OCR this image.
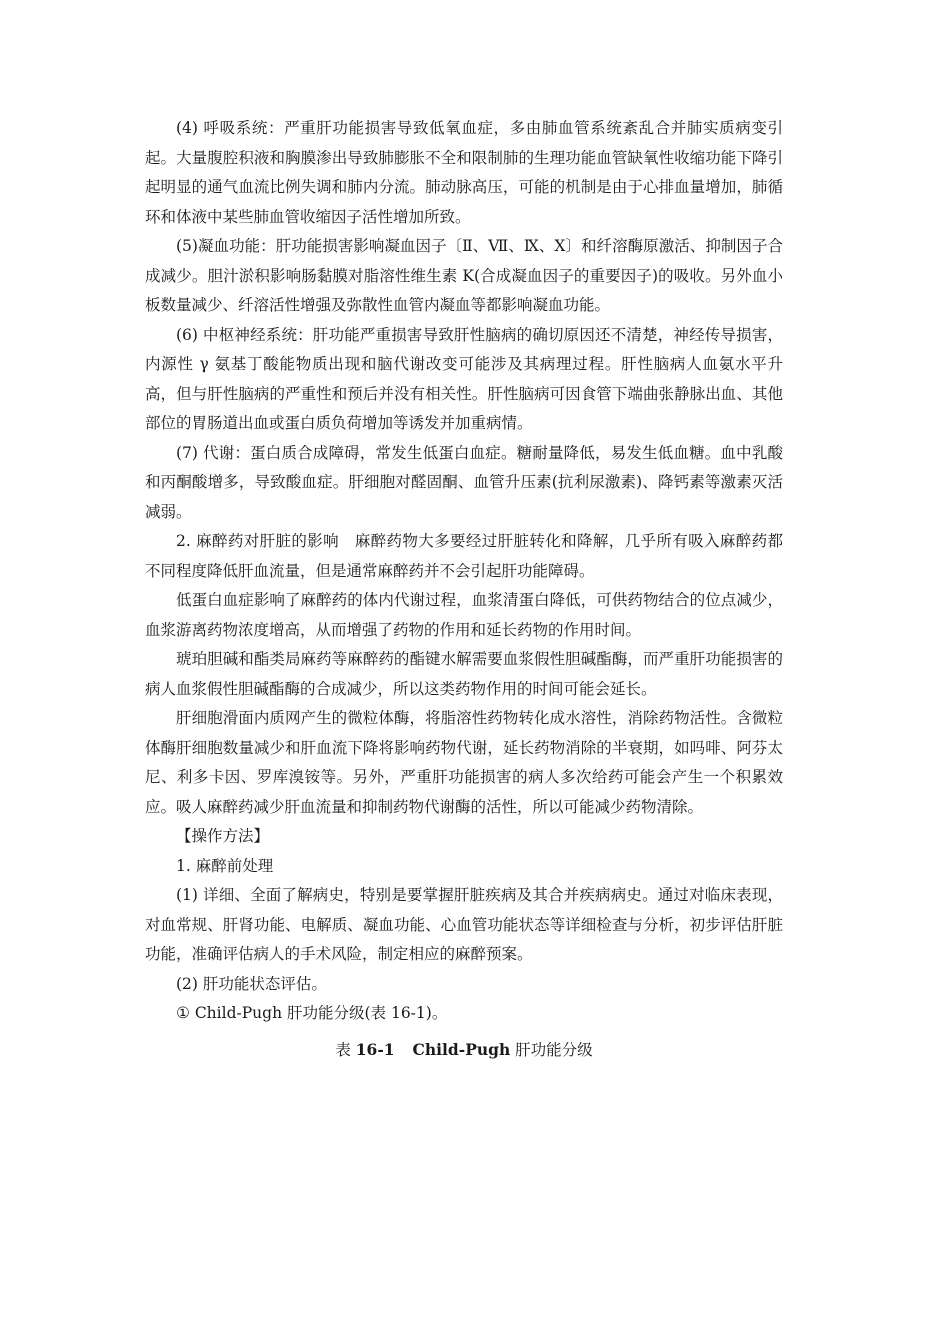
(4) 呼吸系统：严重肝功能损害导致低氧血症，多由肺血管系统紊乱合并肺实质病变引起。大量腹腔积液和胸膜渗出导致肺膨胀不全和限制肺的生理功能血管缺氧性收缩功能下降引起明显的通气血流比例失调和肺内分流。肺动脉高压，可能的机制是由于心排血量增加，肺循环和体液中某些肺血管收缩因子活性增加所致。

(5)凝血功能：肝功能损害影响凝血因子〔Ⅱ、Ⅶ、Ⅸ、Ⅹ〕和纤溶酶原激活、抑制因子合成减少。胆汁淤积影响肠黏膜对脂溶性维生素 K(合成凝血因子的重要因子)的吸收。另外血小板数量减少、纤溶活性增强及弥散性血管内凝血等都影响凝血功能。

(6) 中枢神经系统：肝功能严重损害导致肝性脑病的确切原因还不清楚，神经传导损害，内源性 γ 氨基丁酸能物质出现和脑代谢改变可能涉及其病理过程。肝性脑病人血氨水平升高，但与肝性脑病的严重性和预后并没有相关性。肝性脑病可因食管下端曲张静脉出血、其他部位的胃肠道出血或蛋白质负荷增加等诱发并加重病情。

(7) 代谢：蛋白质合成障碍，常发生低蛋白血症。糖耐量降低，易发生低血糖。血中乳酸和丙酮酸增多，导致酸血症。肝细胞对醛固酮、血管升压素(抗利尿激素)、降钙素等激素灭活减弱。

2. 麻醉药对肝脏的影响　麻醉药物大多要经过肝脏转化和降解，几乎所有吸入麻醉药都不同程度降低肝血流量，但是通常麻醉药并不会引起肝功能障碍。

低蛋白血症影响了麻醉药的体内代谢过程，血浆清蛋白降低，可供药物结合的位点减少，血浆游离药物浓度增高，从而增强了药物的作用和延长药物的作用时间。

琥珀胆碱和酯类局麻药等麻醉药的酯键水解需要血浆假性胆碱酯酶，而严重肝功能损害的病人血浆假性胆碱酯酶的合成减少，所以这类药物作用的时间可能会延长。

肝细胞滑面内质网产生的微粒体酶，将脂溶性药物转化成水溶性，消除药物活性。含微粒体酶肝细胞数量减少和肝血流下降将影响药物代谢，延长药物消除的半衰期，如吗啡、阿芬太尼、利多卡因、罗库溴铵等。另外，严重肝功能损害的病人多次给药可能会产生一个积累效应。吸人麻醉药减少肝血流量和抑制药物代谢酶的活性，所以可能减少药物清除。

【操作方法】

1. 麻醉前处理

(1) 详细、全面了解病史，特别是要掌握肝脏疾病及其合并疾病病史。通过对临床表现，对血常规、肝肾功能、电解质、凝血功能、心血管功能状态等详细检查与分析，初步评估肝脏功能，准确评估病人的手术风险，制定相应的麻醉预案。

(2) 肝功能状态评估。

① Child-Pugh 肝功能分级(表 16-1)。

表 16-1 Child-Pugh 肝功能分级
